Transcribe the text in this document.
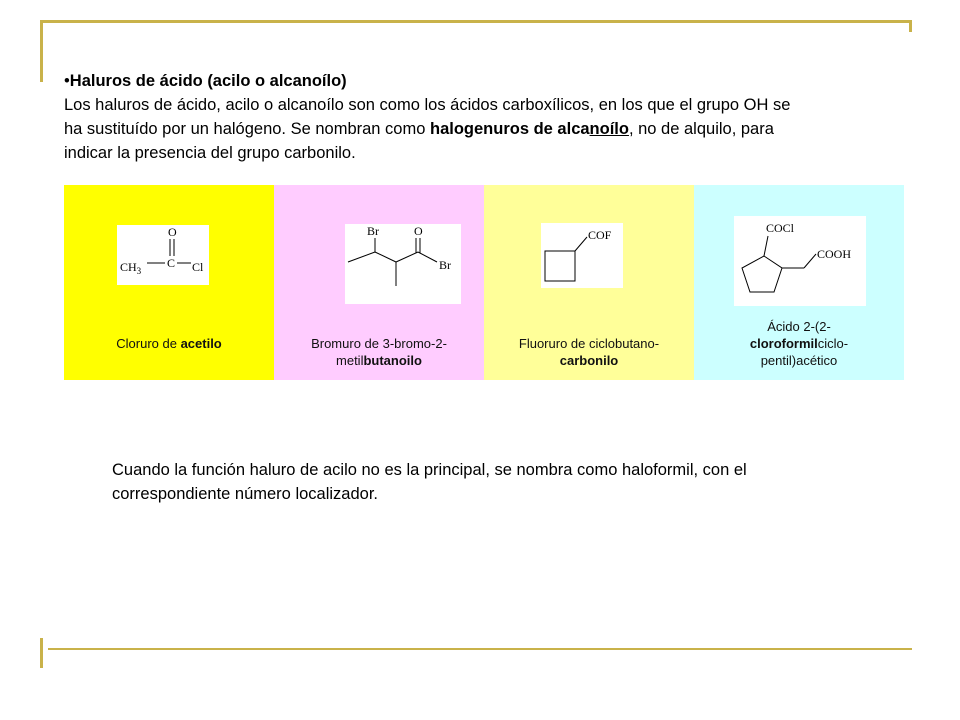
•Haluros de ácido (acilo o alcanoílo)
Los haluros de ácido, acilo o alcanoílo son como los ácidos carboxílicos, en los que el grupo OH se
ha sustituído por un halógeno. Se nombran como halogenuros de alcanoílo, no de alquilo, para
indicar la presencia del grupo carbonilo.
O
$CH_3$
C Cl
Cloruro de acetilo
Br	O
Br
Bromuro de 3-bromo-2-
metilbutanoilo
COF
Fluoruro de ciclobutano-
carbonilo
COCl
COOH
Ácido 2-(2-
cloroformilciclo-
pentil)acético
Cuando la función haluro de acilo no es la principal, se nombra como haloformil, con el
correspondiente número localizador.
